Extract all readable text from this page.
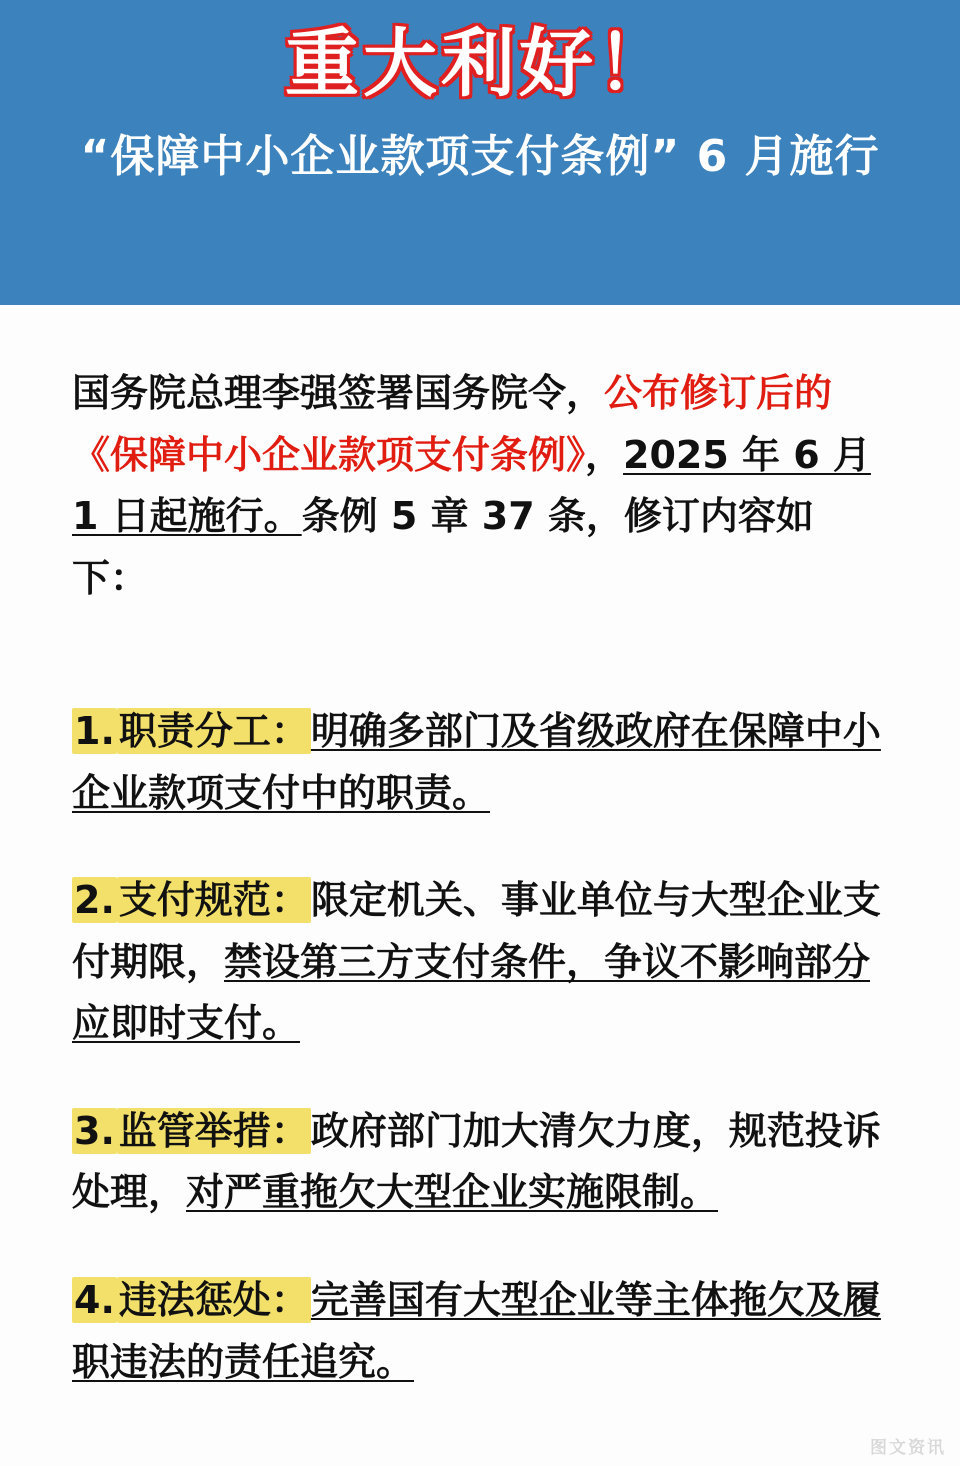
重大利好！
“保障中小企业款项支付条例” 6 月施行

国务院总理李强签署国务院令，公布修订后的《保障中小企业款项支付条例》，2025 年 6 月 1 日起施行。条例 5 章 37 条，修订内容如下：

1. 职责分工：明确多部门及省级政府在保障中小企业款项支付中的职责。

2. 支付规范：限定机关、事业单位与大型企业支付期限，禁设第三方支付条件，争议不影响部分应即时支付。

3. 监管举措：政府部门加大清欠力度，规范投诉处理，对严重拖欠大型企业实施限制。

4. 违法惩处：完善国有大型企业等主体拖欠及履职违法的责任追究。

图文资讯
